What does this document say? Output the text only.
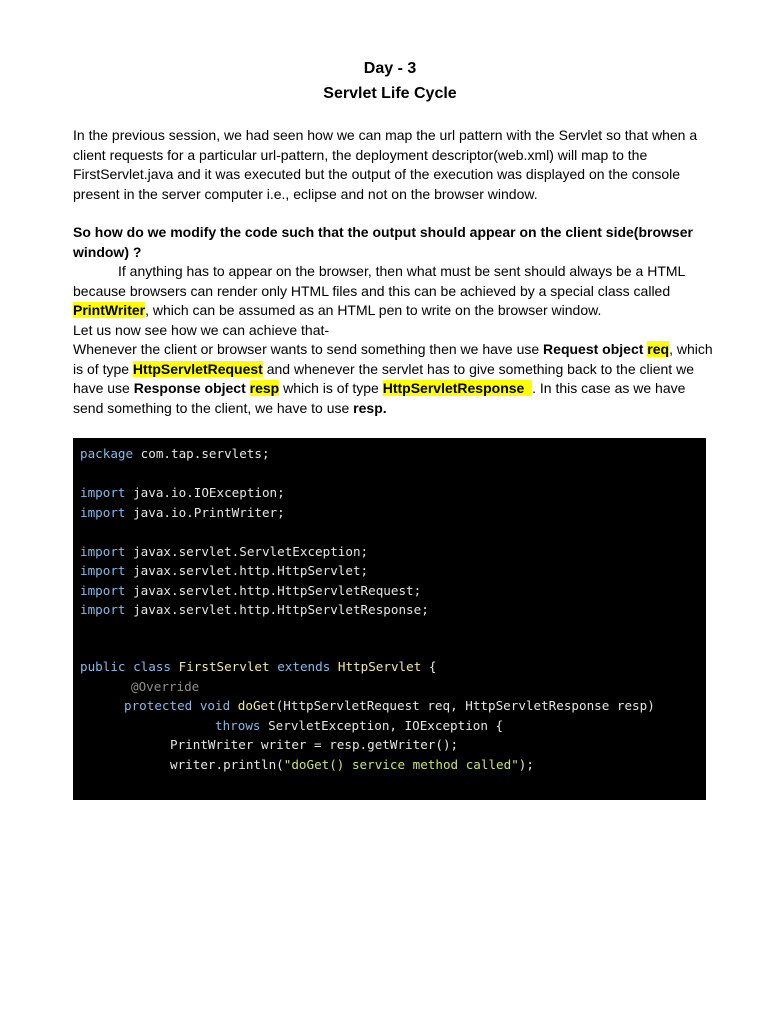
Day - 3
Servlet Life Cycle
In the previous session, we had seen how we can map the url pattern with the Servlet so that when a
client requests for a particular url-pattern, the deployment descriptor(web.xml) will map to the
FirstServlet.java and it was executed but the output of the execution was displayed on the console
present in the server computer i.e., eclipse and not on the browser window.
So how do we modify the code such that the output should appear on the client side(browser
window) ?
If anything has to appear on the browser, then what must be sent should always be a HTML
because browsers can render only HTML files and this can be achieved by a special class called
PrintWriter, which can be assumed as an HTML pen to write on the browser window.
Let us now see how we can achieve that-
Whenever the client or browser wants to send something then we have use Request object req, which
is of type HttpServletRequest and whenever the servlet has to give something back to the client we
have use Response object resp which is of type HttpServletResponse  . In this case as we have
send something to the client, we have to use resp.
package com.tap.servlets;
import java.io.IOException;
import java.io.PrintWriter;
import javax.servlet.ServletException;
import javax.servlet.http.HttpServlet;
import javax.servlet.http.HttpServletRequest;
import javax.servlet.http.HttpServletResponse;
public class FirstServlet extends HttpServlet {
@Override
protected void doGet(HttpServletRequest req, HttpServletResponse resp)
throws ServletException, IOException {
PrintWriter writer = resp.getWriter();
writer.println("doGet() service method called");
